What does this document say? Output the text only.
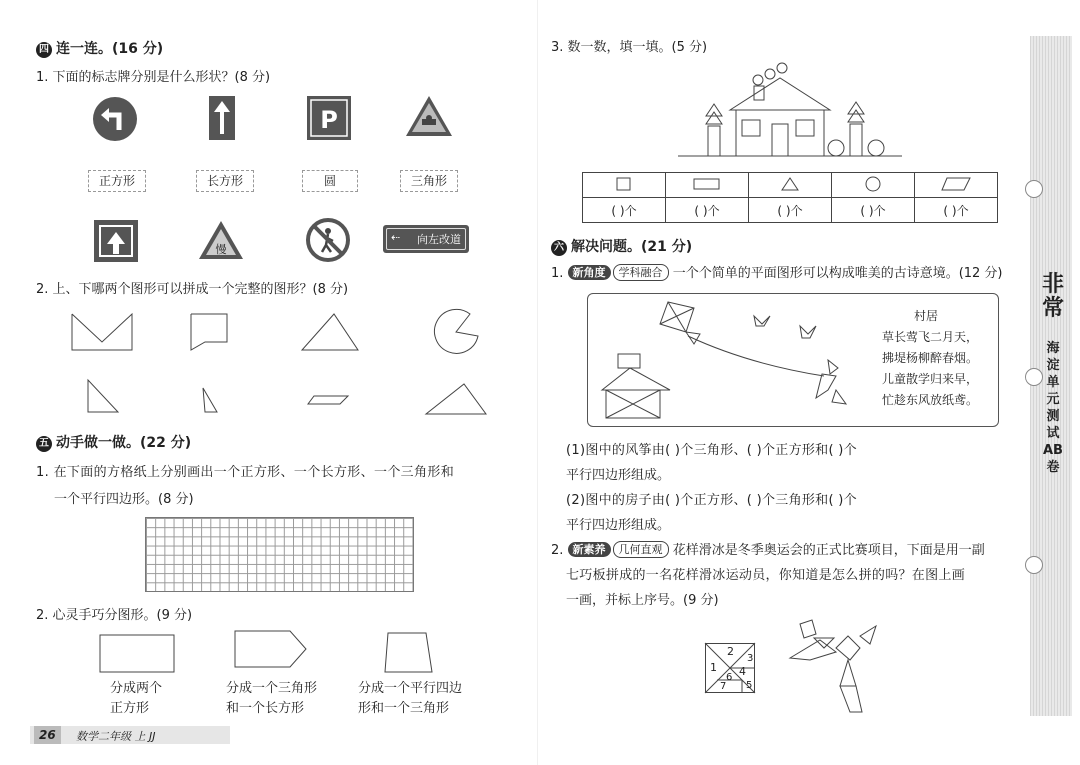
四 连一连。(16 分)
1. 下面的标志牌分别是什么形状？(8 分)
P
正方形	长方形	圆	三角形
慢
⇠ 向左改道
2. 上、下哪两个图形可以拼成一个完整的图形？(8 分)
五 动手做一做。(22 分)
1. 在下面的方格纸上分别画出一个正方形、一个长方形、一个三角形和
一个平行四边形。(8 分)
2. 心灵手巧分图形。(9 分)
分成两个
正方形
分成一个三角形
和一个长方形
分成一个平行四边
形和一个三角形
26	数学二年级 上 JJ
3. 数一数，填一填。(5 分)

( )个	( )个	( )个	( )个	( )个
六 解决问题。(21 分)
1. 新角度 学科融合 一个个简单的平面图形可以构成唯美的古诗意境。(12 分)
村居
草长莺飞二月天，
拂堤杨柳醉春烟。
儿童散学归来早，
忙趁东风放纸鸢。
(1)图中的风筝由( )个三角形、( )个正方形和( )个
平行四边形组成。
(2)图中的房子由( )个正方形、( )个三角形和( )个
平行四边形组成。
2. 新素养 几何直观 花样滑冰是冬季奥运会的正式比赛项目，下面是用一副
七巧板拼成的一名花样滑冰运动员，你知道是怎么拼的吗？在图上画
一画，并标上序号。(9 分)
1
2
3
4
5
6
7
非常
海淀单元测试AB卷
